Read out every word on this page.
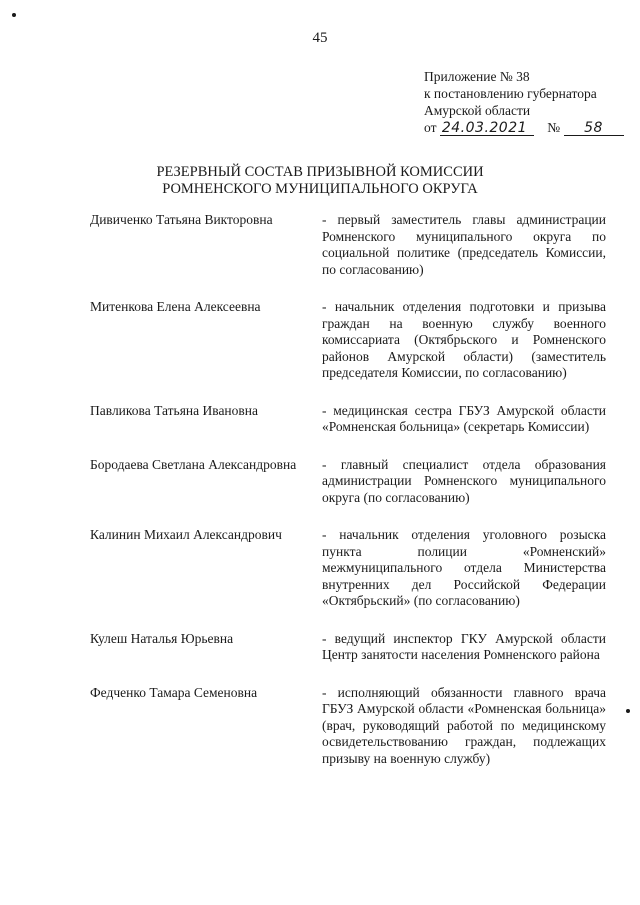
45
Приложение № 38
к постановлению губернатора
Амурской области
от 24.03.2021 № 58
РЕЗЕРВНЫЙ СОСТАВ ПРИЗЫВНОЙ КОМИССИИ
РОМНЕНСКОГО МУНИЦИПАЛЬНОГО ОКРУГА
Дивиченко Татьяна Викторовна	- первый заместитель главы администрации Ромненского муниципального округа по социальной политике (председатель Комиссии, по согласованию)
Митенкова Елена Алексеевна	- начальник отделения подготовки и призыва граждан на военную службу военного комиссариата (Октябрьского и Ромненского районов Амурской области) (заместитель председателя Комиссии, по согласованию)
Павликова Татьяна Ивановна	- медицинская сестра ГБУЗ Амурской области «Ромненская больница» (секретарь Комиссии)
Бородаева Светлана Александровна	- главный специалист отдела образования администрации Ромненского муниципального округа (по согласованию)
Калинин Михаил Александрович	- начальник отделения уголовного розыска пункта полиции «Ромненский» межмуниципального отдела Министерства внутренних дел Российской Федерации «Октябрьский» (по согласованию)
Кулеш Наталья Юрьевна	- ведущий инспектор ГКУ Амурской области Центр занятости населения Ромненского района
Федченко Тамара Семеновна	- исполняющий обязанности главного врача ГБУЗ Амурской области «Ромненская больница» (врач, руководящий работой по медицинскому освидетельствованию граждан, подлежащих призыву на военную службу)
